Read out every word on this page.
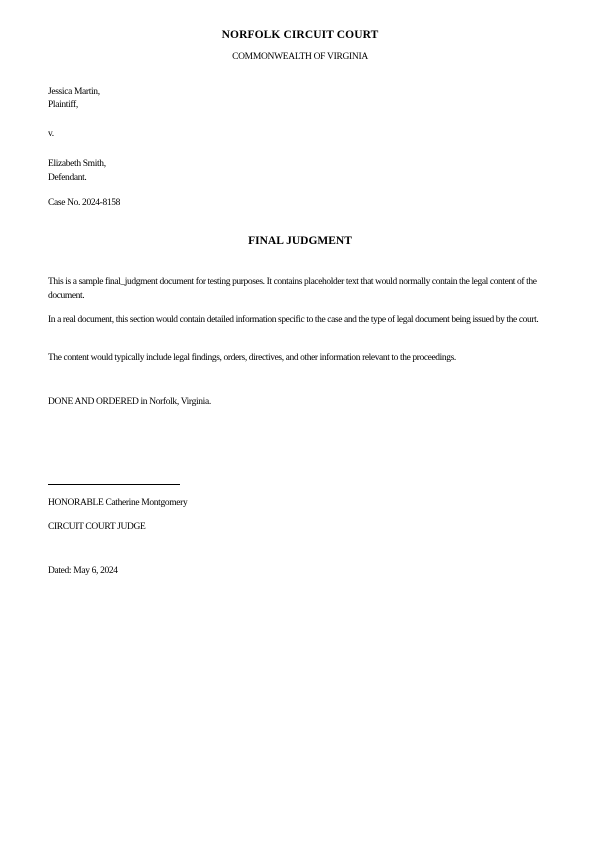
NORFOLK CIRCUIT COURT
COMMONWEALTH OF VIRGINIA
Jessica Martin,
Plaintiff,
v.
Elizabeth Smith,
Defendant.
Case No. 2024-8158
FINAL JUDGMENT
This is a sample final_judgment document for testing purposes. It contains placeholder text that would normally contain the legal content of the document.
In a real document, this section would contain detailed information specific to the case and the type of legal document being issued by the court.
The content would typically include legal findings, orders, directives, and other information relevant to the proceedings.
DONE AND ORDERED in Norfolk, Virginia.
HONORABLE Catherine Montgomery
CIRCUIT COURT JUDGE
Dated: May 6, 2024
